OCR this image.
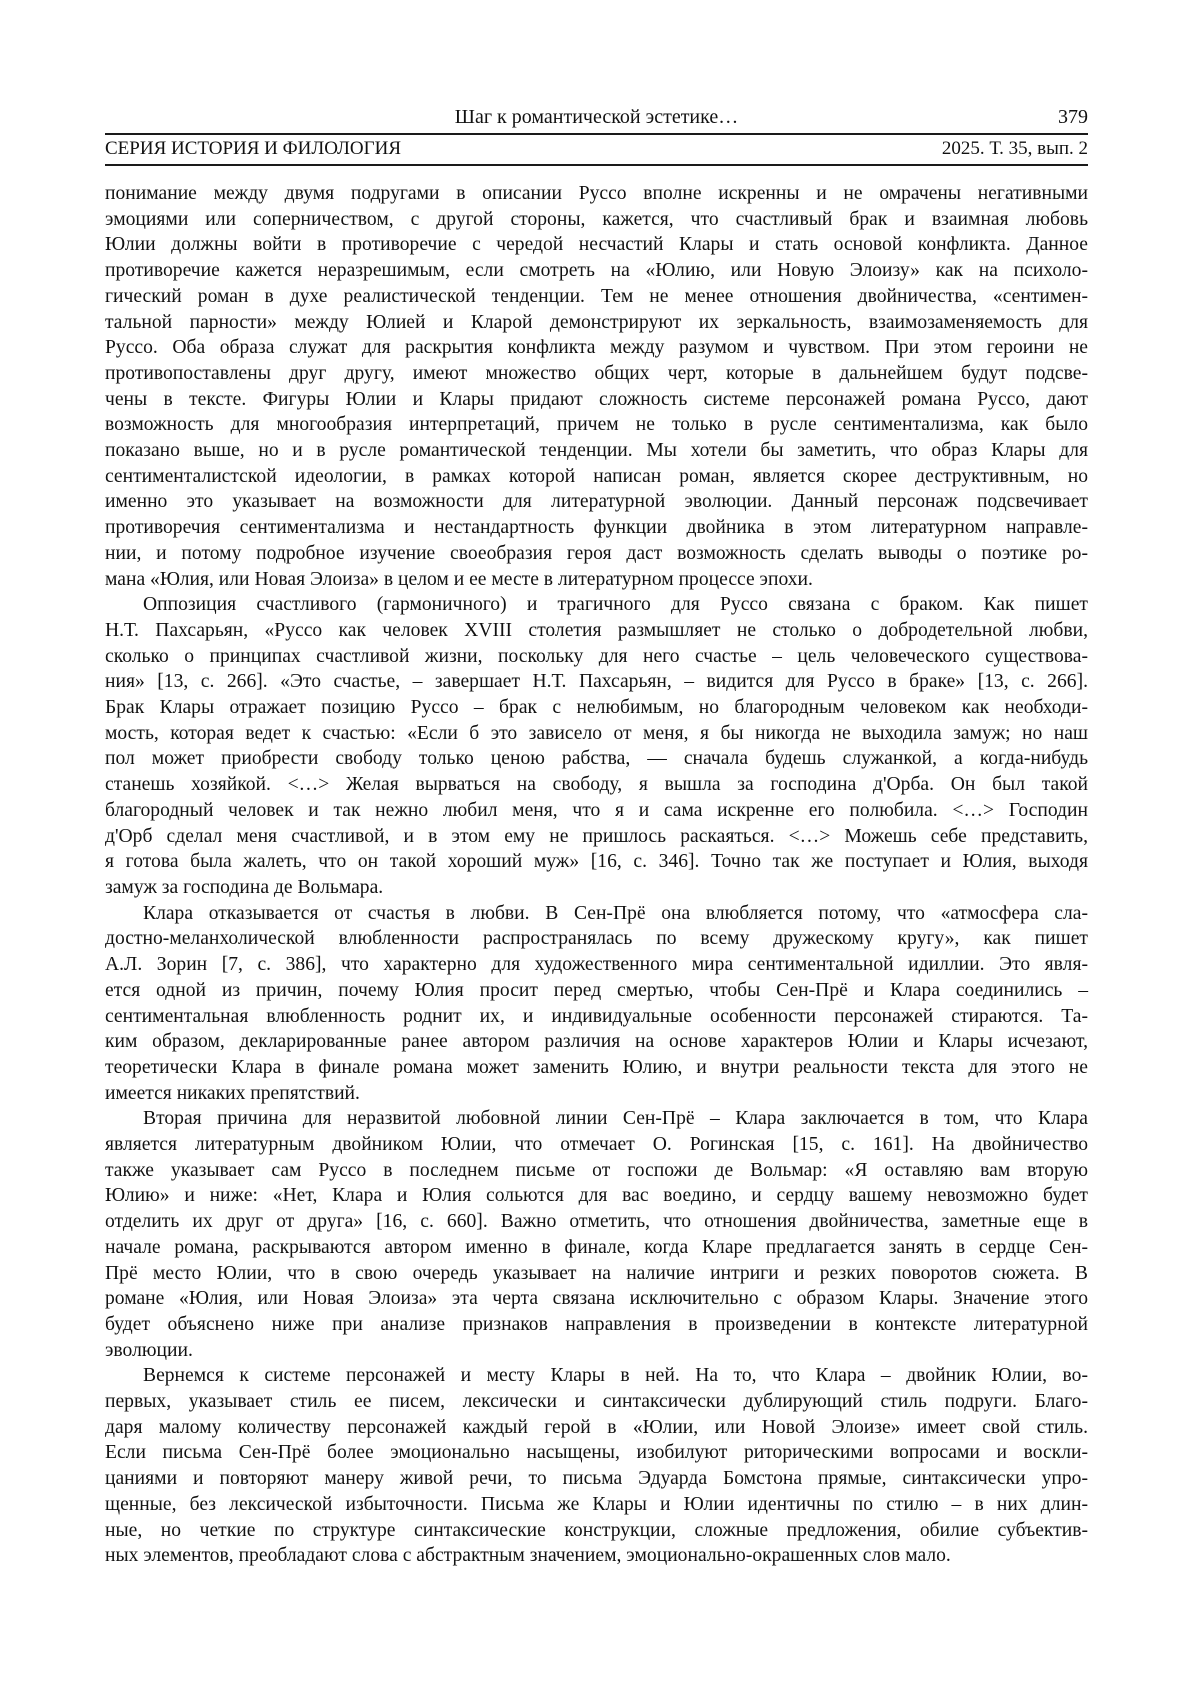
Шаг к романтической эстетике…	379
СЕРИЯ ИСТОРИЯ И ФИЛОЛОГИЯ	2025. Т. 35, вып. 2
понимание между двумя подругами в описании Руссо вполне искренны и не омрачены негативными
эмоциями или соперничеством, с другой стороны, кажется, что счастливый брак и взаимная любовь
Юлии должны войти в противоречие с чередой несчастий Клары и стать основой конфликта. Данное
противоречие кажется неразрешимым, если смотреть на «Юлию, или Новую Элоизу» как на психоло-
гический роман в духе реалистической тенденции. Тем не менее отношения двойничества, «сентимен-
тальной парности» между Юлией и Кларой демонстрируют их зеркальность, взаимозаменяемость для
Руссо. Оба образа служат для раскрытия конфликта между разумом и чувством. При этом героини не
противопоставлены друг другу, имеют множество общих черт, которые в дальнейшем будут подсве-
чены в тексте. Фигуры Юлии и Клары придают сложность системе персонажей романа Руссо, дают
возможность для многообразия интерпретаций, причем не только в русле сентиментализма, как было
показано выше, но и в русле романтической тенденции. Мы хотели бы заметить, что образ Клары для
сентименталистской идеологии, в рамках которой написан роман, является скорее деструктивным, но
именно это указывает на возможности для литературной эволюции. Данный персонаж подсвечивает
противоречия сентиментализма и нестандартность функции двойника в этом литературном направле-
нии, и потому подробное изучение своеобразия героя даст возможность сделать выводы о поэтике ро-
мана «Юлия, или Новая Элоиза» в целом и ее месте в литературном процессе эпохи.
Оппозиция счастливого (гармоничного) и трагичного для Руссо связана с браком. Как пишет
Н.Т. Пахсарьян, «Руссо как человек XVIII столетия размышляет не столько о добродетельной любви,
сколько о принципах счастливой жизни, поскольку для него счастье – цель человеческого существова-
ния» [13, с. 266]. «Это счастье, – завершает Н.Т. Пахсарьян, – видится для Руссо в браке» [13, с. 266].
Брак Клары отражает позицию Руссо – брак с нелюбимым, но благородным человеком как необходи-
мость, которая ведет к счастью: «Если б это зависело от меня, я бы никогда не выходила замуж; но наш
пол может приобрести свободу только ценою рабства, — сначала будешь служанкой, а когда-нибудь
станешь хозяйкой. <…> Желая вырваться на свободу, я вышла за господина д'Орба. Он был такой
благородный человек и так нежно любил меня, что я и сама искренне его полюбила. <…> Господин
д'Орб сделал меня счастливой, и в этом ему не пришлось раскаяться. <…> Можешь себе представить,
я готова была жалеть, что он такой хороший муж» [16, с. 346]. Точно так же поступает и Юлия, выходя
замуж за господина де Вольмара.
Клара отказывается от счастья в любви. В Сен-Прё она влюбляется потому, что «атмосфера сла-
достно-меланхолической влюбленности распространялась по всему дружескому кругу», как пишет
А.Л. Зорин [7, с. 386], что характерно для художественного мира сентиментальной идиллии. Это явля-
ется одной из причин, почему Юлия просит перед смертью, чтобы Сен-Прё и Клара соединились –
сентиментальная влюбленность роднит их, и индивидуальные особенности персонажей стираются. Та-
ким образом, декларированные ранее автором различия на основе характеров Юлии и Клары исчезают,
теоретически Клара в финале романа может заменить Юлию, и внутри реальности текста для этого не
имеется никаких препятствий.
Вторая причина для неразвитой любовной линии Сен-Прё – Клара заключается в том, что Клара
является литературным двойником Юлии, что отмечает О. Рогинская [15, с. 161]. На двойничество
также указывает сам Руссо в последнем письме от госпожи де Вольмар: «Я оставляю вам вторую
Юлию» и ниже: «Нет, Клара и Юлия сольются для вас воедино, и сердцу вашему невозможно будет
отделить их друг от друга» [16, с. 660]. Важно отметить, что отношения двойничества, заметные еще в
начале романа, раскрываются автором именно в финале, когда Кларе предлагается занять в сердце Сен-
Прё место Юлии, что в свою очередь указывает на наличие интриги и резких поворотов сюжета. В
романе «Юлия, или Новая Элоиза» эта черта связана исключительно с образом Клары. Значение этого
будет объяснено ниже при анализе признаков направления в произведении в контексте литературной
эволюции.
Вернемся к системе персонажей и месту Клары в ней. На то, что Клара – двойник Юлии, во-
первых, указывает стиль ее писем, лексически и синтаксически дублирующий стиль подруги. Благо-
даря малому количеству персонажей каждый герой в «Юлии, или Новой Элоизе» имеет свой стиль.
Если письма Сен-Прё более эмоционально насыщены, изобилуют риторическими вопросами и воскли-
цаниями и повторяют манеру живой речи, то письма Эдуарда Бомстона прямые, синтаксически упро-
щенные, без лексической избыточности. Письма же Клары и Юлии идентичны по стилю – в них длин-
ные, но четкие по структуре синтаксические конструкции, сложные предложения, обилие субъектив-
ных элементов, преобладают слова с абстрактным значением, эмоционально-окрашенных слов мало.
